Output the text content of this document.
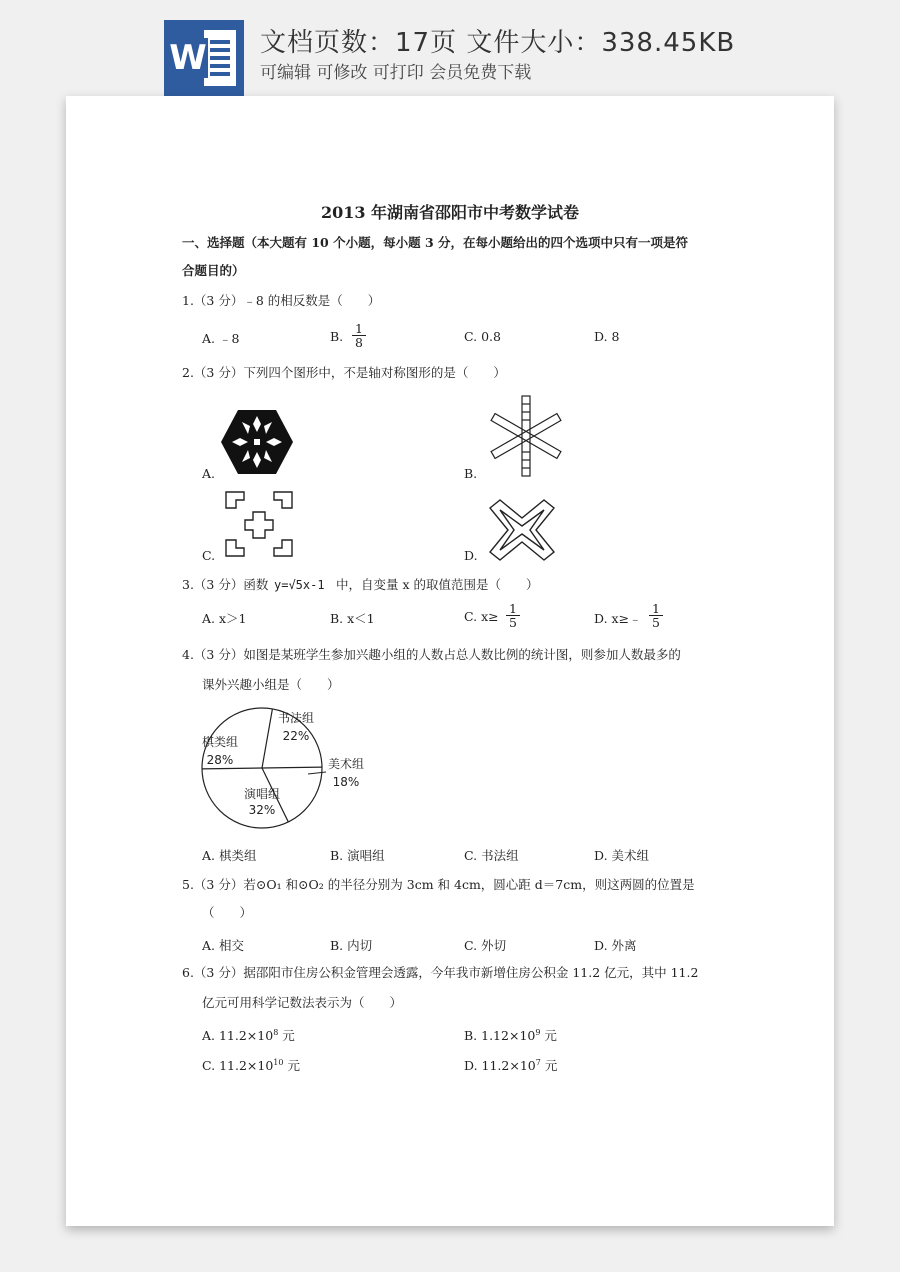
W 文档页数：17页 文件大小：338.45KB
可编辑 可修改 可打印 会员免费下载
2013 年湖南省邵阳市中考数学试卷
一、选择题（本大题有 10 个小题，每小题 3 分，在每小题给出的四个选项中只有一项是符
合题目的）
1.（3 分）﹣8 的相反数是（　　）
A. ﹣8	B. $\frac{1}{8}$	C. 0.8	D. 8
2.（3 分）下列四个图形中，不是轴对称图形的是（　　）
A.	B.
C.	D.
3.（3 分）函数 y=√5x-1 中，自变量 x 的取值范围是（　　）
A. x＞1	B. x＜1	C. $x\ge \frac{1}{5}$	D. x≥﹣ $\frac{1}{5}$
4.（3 分）如图是某班学生参加兴趣小组的人数占总人数比例的统计图，则参加人数最多的
课外兴趣小组是（　　）
书法组
22%
美术组
18%
演唱组
32%
棋类组
28%
A. 棋类组	B. 演唱组	C. 书法组	D. 美术组
5.（3 分）若⊙O₁ 和⊙O₂ 的半径分别为 3cm 和 4cm，圆心距 d＝7cm，则这两圆的位置是
（　　）
A. 相交	B. 内切	C. 外切	D. 外离
6.（3 分）据邵阳市住房公积金管理会透露，今年我市新增住房公积金 11.2 亿元，其中 11.2
亿元可用科学记数法表示为（　　）
A. $11.2\times 10^8$ 元	B. $1.12\times 10^9$ 元
C. $11.2\times 10^{10}$ 元	D. $11.2\times 10^7$ 元
